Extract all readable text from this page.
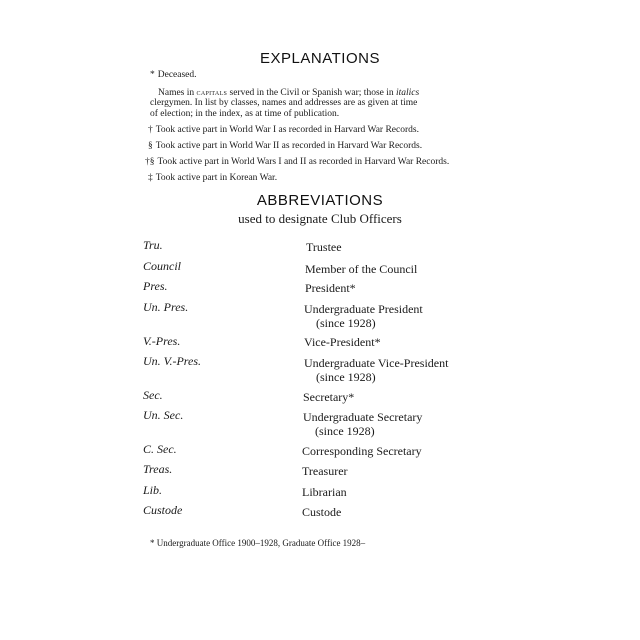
EXPLANATIONS
* Deceased.
Names in capitals served in the Civil or Spanish war; those in italics
clergymen. In list by classes, names and addresses are as given at time
of election; in the index, as at time of publication.
† Took active part in World War I as recorded in Harvard War Records.
§ Took active part in World War II as recorded in Harvard War Records.
†§ Took active part in World Wars I and II as recorded in Harvard War Records.
‡ Took active part in Korean War.
ABBREVIATIONS
used to designate Club Officers
Tru.	Trustee
Council	Member of the Council
Pres.	President*
Un. Pres.	Undergraduate President
(since 1928)
V.-Pres.	Vice-President*
Un. V.-Pres.	Undergraduate Vice-President
(since 1928)
Sec.	Secretary*
Un. Sec.	Undergraduate Secretary
(since 1928)
C. Sec.	Corresponding Secretary
Treas.	Treasurer
Lib.	Librarian
Custode	Custode
* Undergraduate Office 1900–1928, Graduate Office 1928–
